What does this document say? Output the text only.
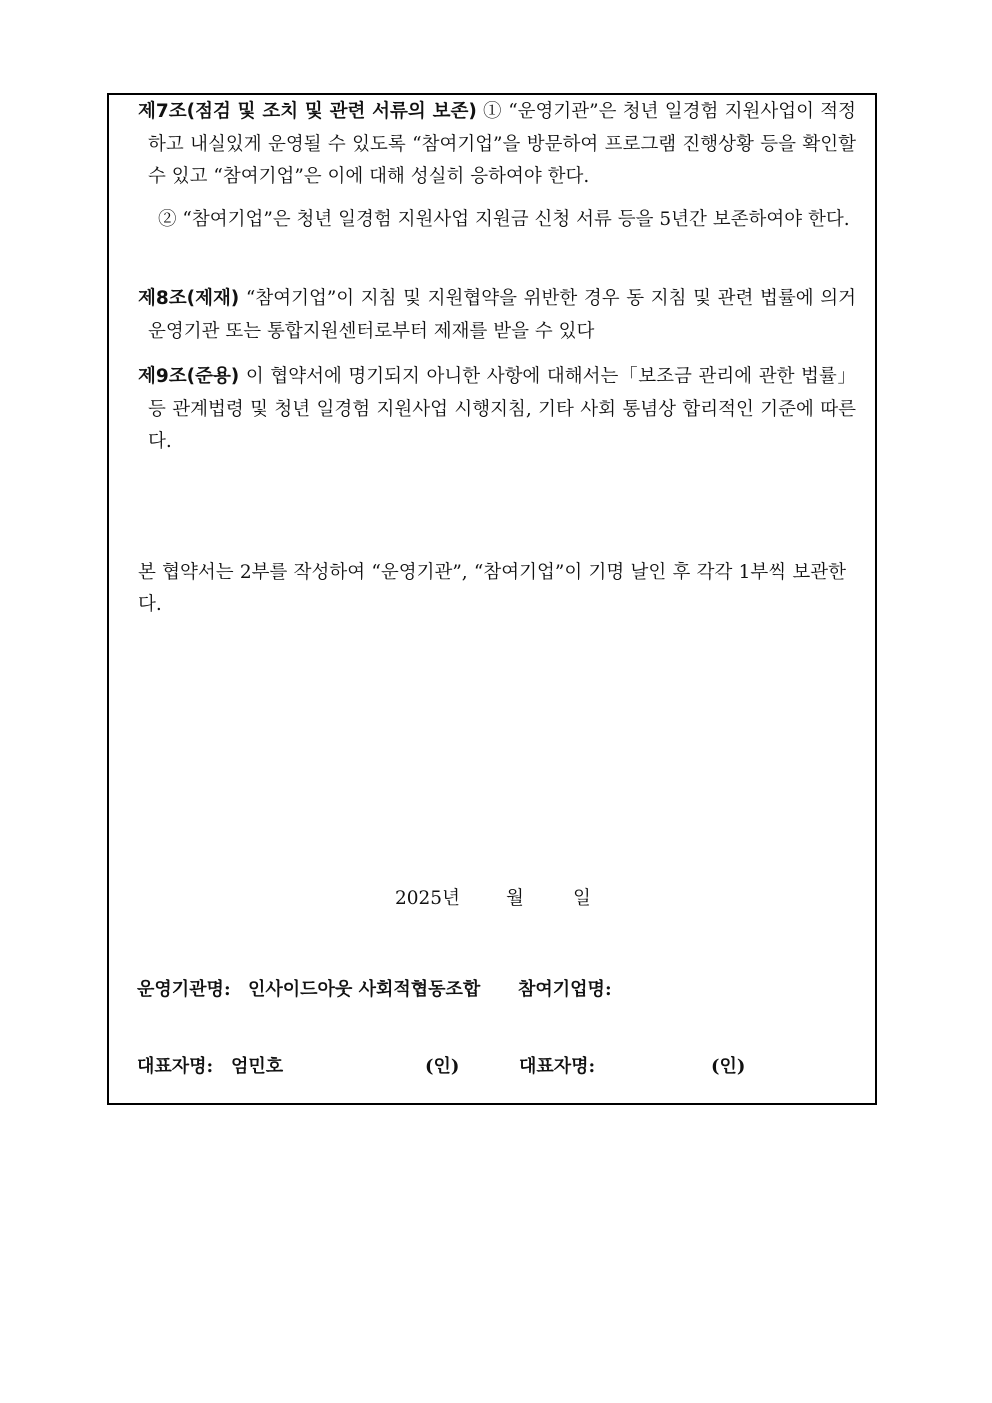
제7조(점검 및 조치 및 관련 서류의 보존) ① “운영기관”은 청년 일경험 지원사업이 적정하고 내실있게 운영될 수 있도록 “참여기업”을 방문하여 프로그램 진행상황 등을 확인할 수 있고 “참여기업”은 이에 대해 성실히 응하여야 한다.
② “참여기업”은 청년 일경험 지원사업 지원금 신청 서류 등을 5년간 보존하여야 한다.
제8조(제재) “참여기업”이 지침 및 지원협약을 위반한 경우 동 지침 및 관련 법률에 의거 운영기관 또는 통합지원센터로부터 제재를 받을 수 있다
제9조(준용) 이 협약서에 명기되지 아니한 사항에 대해서는「보조금 관리에 관한 법률」등 관계법령 및 청년 일경험 지원사업 시행지침, 기타 사회 통념상 합리적인 기준에 따른다.
본 협약서는 2부를 작성하여 “운영기관”, “참여기업”이 기명 날인 후 각각 1부씩 보관한다.
2025년 월	일
운영기관명: 인사이드아웃 사회적협동조합 참여기업명:
대표자명: 엄민호	(인)	대표자명:	(인)
